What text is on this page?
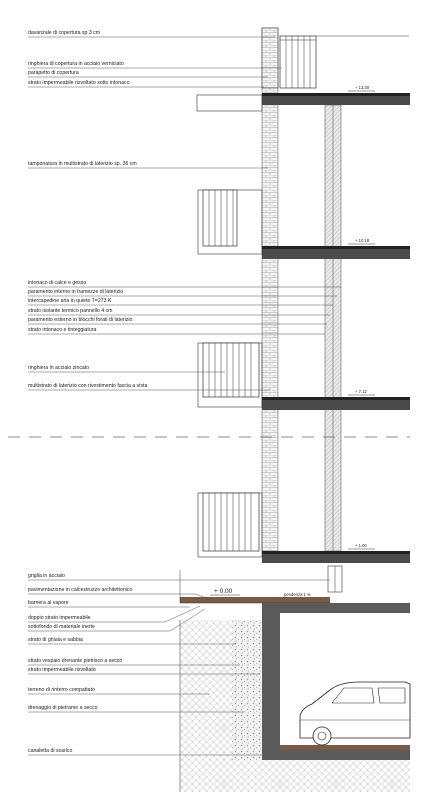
+ 13.30
+ 10.18
+ 7.12
+ 1.00
+ 0.00	pendenza 1 %
davanzale di copertura sp.3 cm
ringhiera di copertura in acciaio verniciato
parapetto di copertura
strato impermeabile risvoltato sotto intonaco
tamponatura in multistrato di laterizio sp. 36 cm
intonaco di calce e gesso
paramento interno in tramezze di laterizio
intercapedine aria in quiete T=273 K
strato isolante termico pannello 4 cm
paramento esterno in blocchi forati di laterizio
strato intonaco e tinteggiatura
ringhiera in acciaio zincato
multistrato di laterizio con rivestimento faccia a vista
griglia in acciaio
pavimentazione in calcestruzzo architettonico
barriera al vapore
doppio strato impermeabile
sottofondo di materiale inerte
strato di ghiaia e sabbia
strato vespaio drenante pietrisco a secco
strato impermeabile risvoltato
terreno di rinterro compattato
drenaggio di pietrame a secco
canaletta di scarico
